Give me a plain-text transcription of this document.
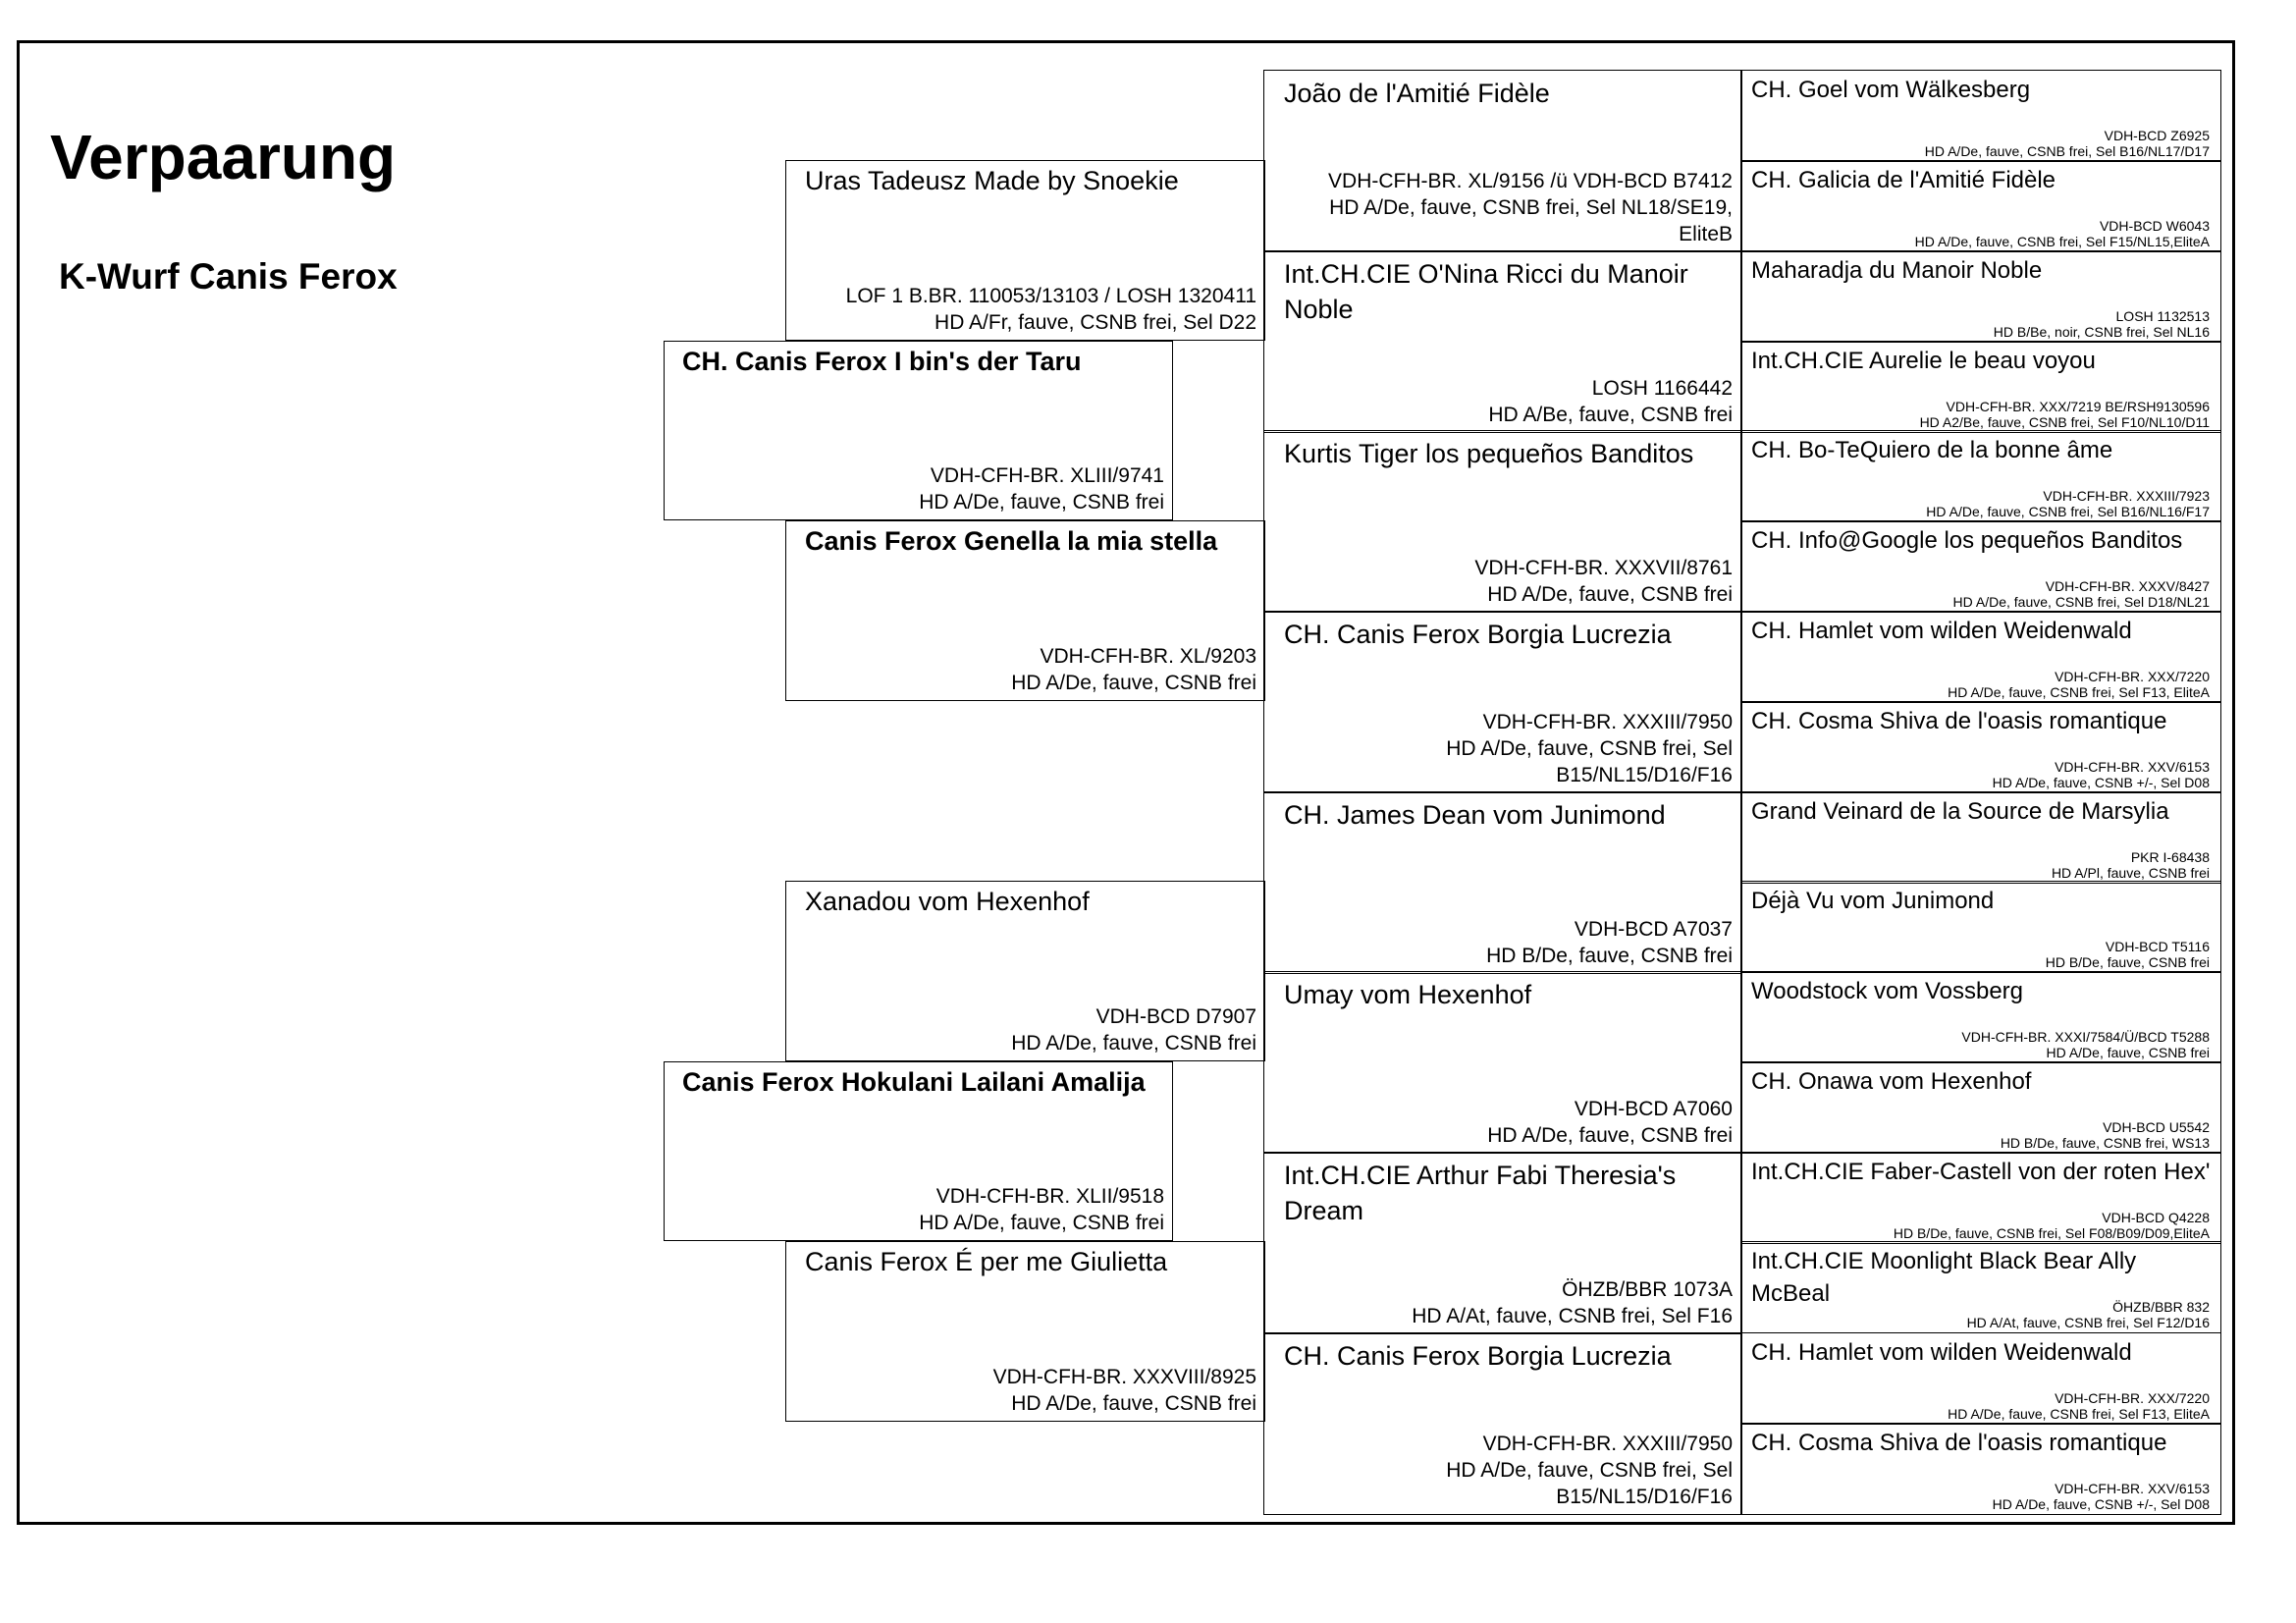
Verpaarung
K-Wurf Canis Ferox
CH. Canis Ferox I bin's der Taru
VDH-CFH-BR. XLIII/9741
HD A/De, fauve, CSNB frei
Canis Ferox Hokulani Lailani Amalija
VDH-CFH-BR. XLII/9518
HD A/De, fauve, CSNB frei
Uras Tadeusz Made by Snoekie
LOF 1 B.BR. 110053/13103 / LOSH 1320411
HD A/Fr, fauve, CSNB frei, Sel D22
Canis Ferox Genella la mia stella
VDH-CFH-BR. XL/9203
HD A/De, fauve, CSNB frei
Xanadou vom Hexenhof
VDH-BCD D7907
HD A/De, fauve, CSNB frei
Canis Ferox É per me Giulietta
VDH-CFH-BR. XXXVIII/8925
HD A/De, fauve, CSNB frei
João de l'Amitié Fidèle
VDH-CFH-BR. XL/9156 /ü VDH-BCD B7412
HD A/De, fauve, CSNB frei, Sel NL18/SE19,
EliteB
Int.CH.CIE O'Nina Ricci du Manoir Noble
LOSH 1166442
HD A/Be, fauve, CSNB frei
Kurtis Tiger los pequeños Banditos
VDH-CFH-BR. XXXVII/8761
HD A/De, fauve, CSNB frei
CH. Canis Ferox Borgia Lucrezia
VDH-CFH-BR. XXXIII/7950
HD A/De, fauve, CSNB frei, Sel
B15/NL15/D16/F16
CH. James Dean vom Junimond
VDH-BCD A7037
HD B/De, fauve, CSNB frei
Umay vom Hexenhof
VDH-BCD A7060
HD A/De, fauve, CSNB frei
Int.CH.CIE Arthur Fabi Theresia's Dream
ÖHZB/BBR 1073A
HD A/At, fauve, CSNB frei, Sel F16
CH. Canis Ferox Borgia Lucrezia
VDH-CFH-BR. XXXIII/7950
HD A/De, fauve, CSNB frei, Sel
B15/NL15/D16/F16
CH. Goel vom Wälkesberg
VDH-BCD Z6925
HD A/De, fauve, CSNB frei, Sel B16/NL17/D17
CH. Galicia de l'Amitié Fidèle
VDH-BCD W6043
HD A/De, fauve, CSNB frei, Sel F15/NL15,EliteA
Maharadja du Manoir Noble
LOSH 1132513
HD B/Be, noir, CSNB frei, Sel NL16
Int.CH.CIE Aurelie le beau voyou
VDH-CFH-BR. XXX/7219 BE/RSH9130596
HD A2/Be, fauve, CSNB frei, Sel F10/NL10/D11
CH. Bo-TeQuiero de la bonne âme
VDH-CFH-BR. XXXIII/7923
HD A/De, fauve, CSNB frei, Sel B16/NL16/F17
CH. Info@Google los pequeños Banditos
VDH-CFH-BR. XXXV/8427
HD A/De, fauve, CSNB frei, Sel D18/NL21
CH. Hamlet vom wilden Weidenwald
VDH-CFH-BR. XXX/7220
HD A/De, fauve, CSNB frei, Sel F13, EliteA
CH. Cosma Shiva de l'oasis romantique
VDH-CFH-BR. XXV/6153
HD A/De, fauve, CSNB +/-, Sel D08
Grand Veinard de la Source de Marsylia
PKR I-68438
HD A/Pl, fauve, CSNB frei
Déjà Vu vom Junimond
VDH-BCD T5116
HD B/De, fauve, CSNB frei
Woodstock vom Vossberg
VDH-CFH-BR. XXXI/7584/Ü/BCD T5288
HD A/De, fauve, CSNB frei
CH. Onawa vom Hexenhof
VDH-BCD U5542
HD B/De, fauve, CSNB frei, WS13
Int.CH.CIE Faber-Castell von der roten Hex'
VDH-BCD Q4228
HD B/De, fauve, CSNB frei, Sel F08/B09/D09,EliteA
Int.CH.CIE Moonlight Black Bear Ally McBeal	ÖHZB/BBR 832
HD A/At, fauve, CSNB frei, Sel F12/D16
CH. Hamlet vom wilden Weidenwald
VDH-CFH-BR. XXX/7220
HD A/De, fauve, CSNB frei, Sel F13, EliteA
CH. Cosma Shiva de l'oasis romantique
VDH-CFH-BR. XXV/6153
HD A/De, fauve, CSNB +/-, Sel D08
